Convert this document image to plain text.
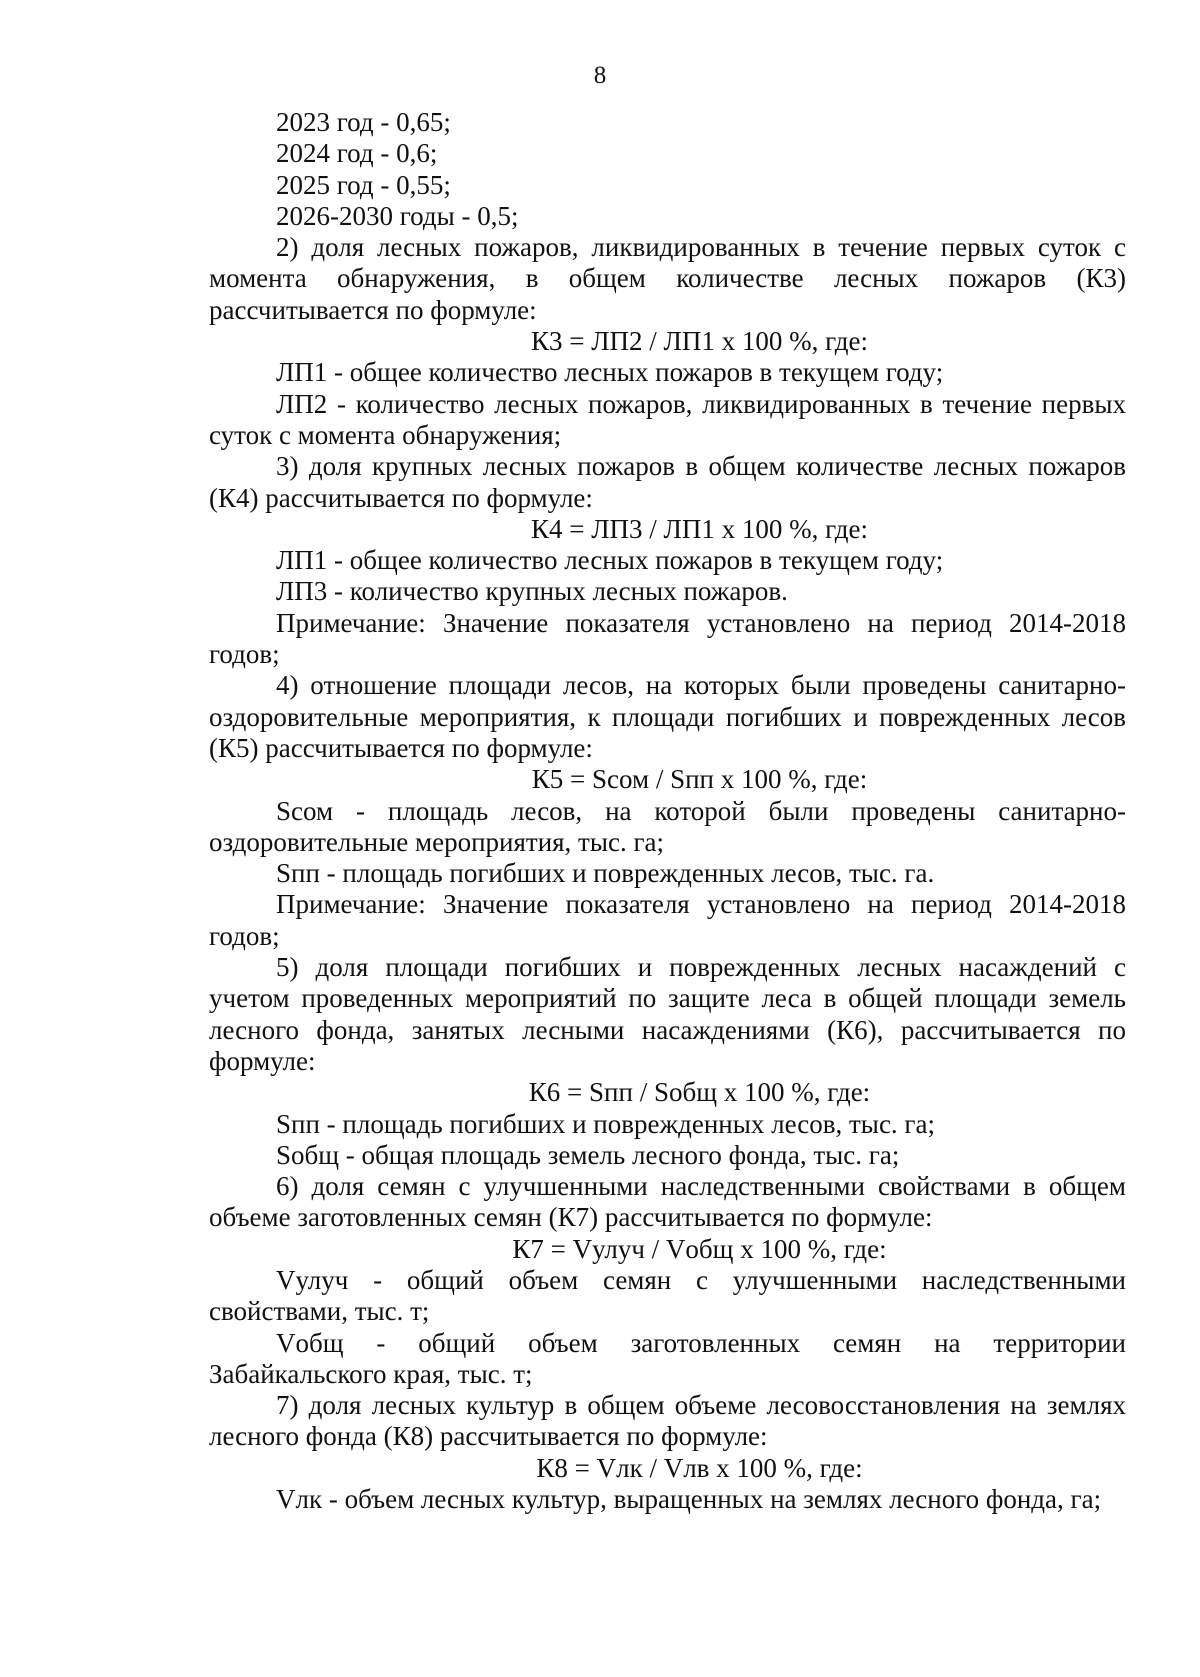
8

2023 год - 0,65;

2024 год - 0,6;

2025 год - 0,55;

2026-2030 годы - 0,5;

2) доля лесных пожаров, ликвидированных в течение первых суток с момента обнаружения, в общем количестве лесных пожаров (К3) рассчитывается по формуле:

К3 = ЛП2 / ЛП1 х 100 %, где:

ЛП1 - общее количество лесных пожаров в текущем году;

ЛП2 - количество лесных пожаров, ликвидированных в течение первых суток с момента обнаружения;

3) доля крупных лесных пожаров в общем количестве лесных пожаров (К4) рассчитывается по формуле:

К4 = ЛП3 / ЛП1 х 100 %, где:

ЛП1 - общее количество лесных пожаров в текущем году;

ЛП3 - количество крупных лесных пожаров.

Примечание: Значение показателя установлено на период 2014-2018 годов;

4) отношение площади лесов, на которых были проведены санитарно-оздоровительные мероприятия, к площади погибших и поврежденных лесов (К5) рассчитывается по формуле:

К5 = Sсом / Sпп х 100 %, где:

Sсом - площадь лесов, на которой были проведены санитарно-оздоровительные мероприятия, тыс. га;

Sпп - площадь погибших и поврежденных лесов, тыс. га.

Примечание: Значение показателя установлено на период 2014-2018 годов;

5) доля площади погибших и поврежденных лесных насаждений с учетом проведенных мероприятий по защите леса в общей площади земель лесного фонда, занятых лесными насаждениями (К6), рассчитывается по формуле:

К6 = Sпп / Sобщ х 100 %, где:

Sпп - площадь погибших и поврежденных лесов, тыс. га;

Sобщ - общая площадь земель лесного фонда, тыс. га;

6) доля семян с улучшенными наследственными свойствами в общем объеме заготовленных семян (К7) рассчитывается по формуле:

К7 = Vулуч / Vобщ х 100 %, где:

Vулуч - общий объем семян с улучшенными наследственными свойствами, тыс. т;

Vобщ - общий объем заготовленных семян на территории Забайкальского края, тыс. т;

7) доля лесных культур в общем объеме лесовосстановления на землях лесного фонда (К8) рассчитывается по формуле:

К8 = Vлк / Vлв х 100 %, где:

Vлк - объем лесных культур, выращенных на землях лесного фонда, га;
